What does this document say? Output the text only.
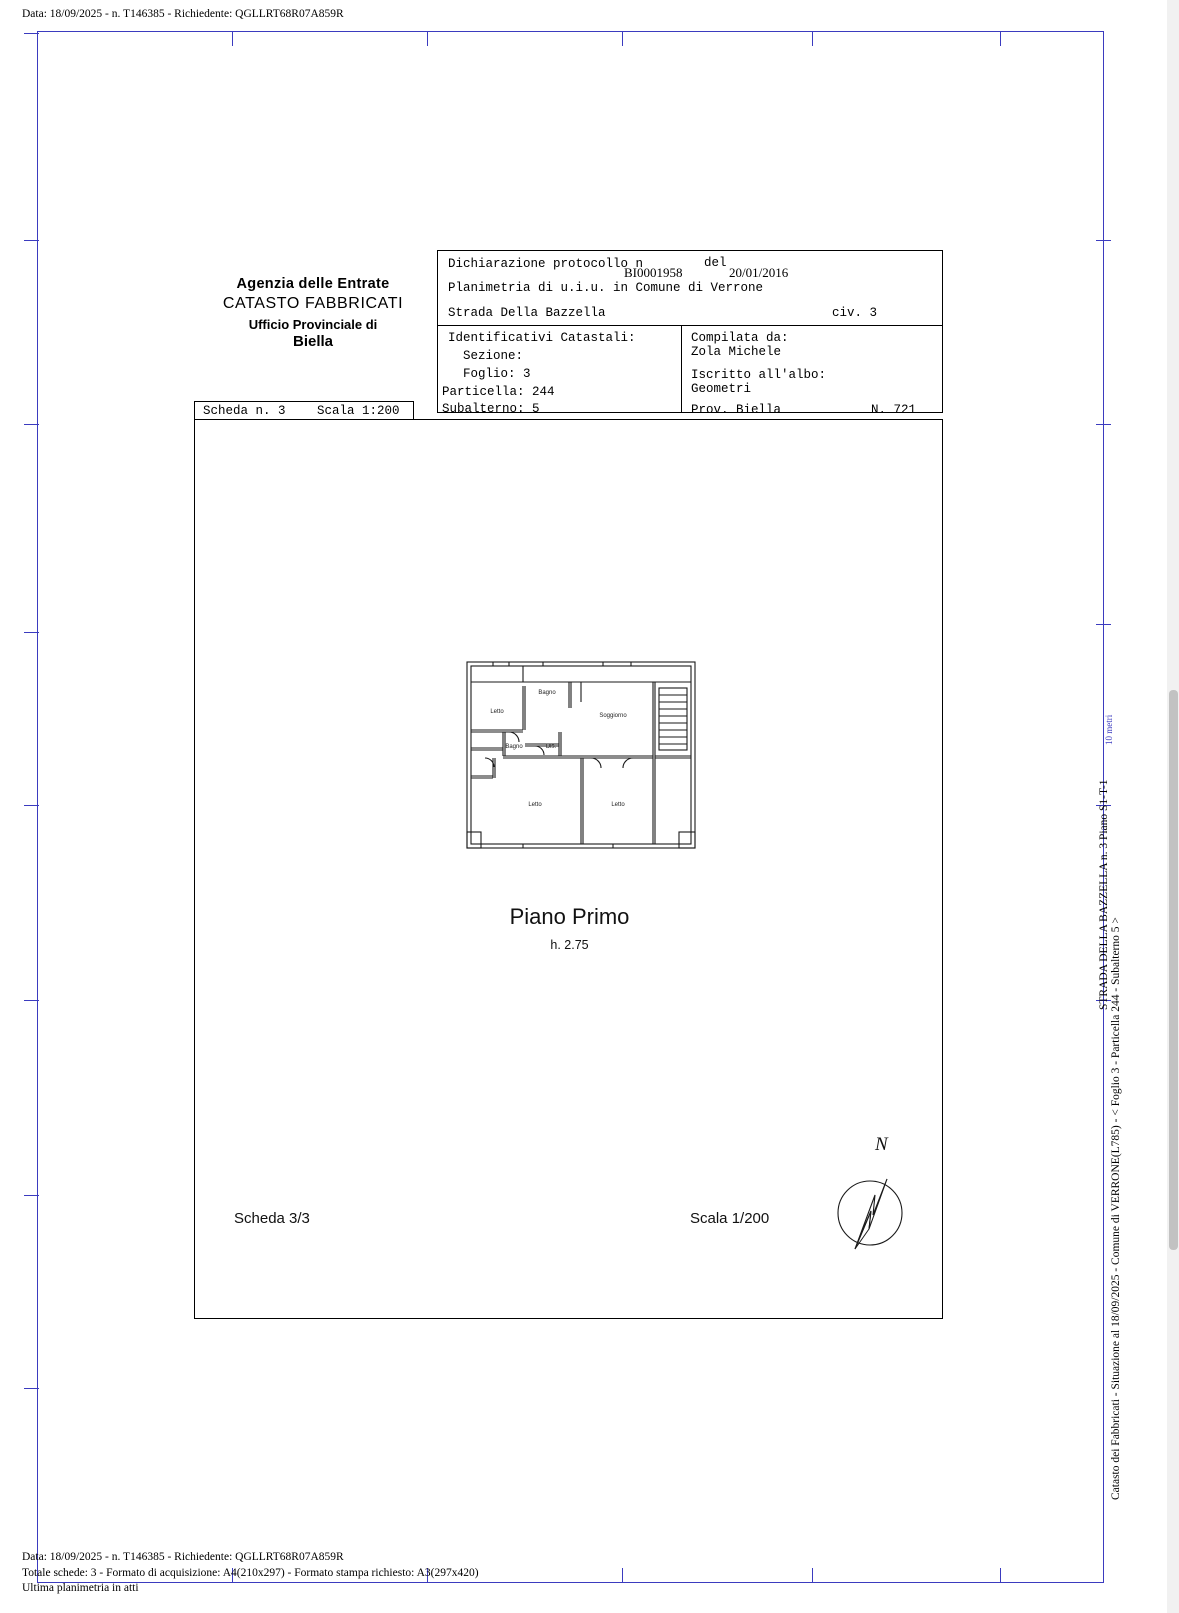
Data: 18/09/2025 - n. T146385 - Richiedente: QGLLRT68R07A859R
Agenzia delle Entrate
CATASTO FABBRICATI
Ufficio Provinciale di
Biella
Dichiarazione protocollo n
BI0001958
del
20/01/2016
Planimetria di u.i.u. in Comune di Verrone
Strada Della Bazzella	civ. 3
Identificativi Catastali:
Sezione:
Foglio: 3
Particella: 244
Subalterno: 5
Compilata da:
Zola Michele
Iscritto all'albo:
Geometri
Prov. Biella	N. 721
Scheda n. 3	Scala 1:200
Letto
Bagno
Soggiorno
Bagno	Dis.
Letto	Letto
Piano Primo
h. 2.75
Scheda 3/3	Scala 1/200
N	Catasto dei Fabbricati - Situazione al 18/09/2025 - Comune di VERRONE(L785) - < Foglio 3 - Particella 244 - Subalterno 5 >
STRADA DELLA BAZZELLA n. 3 Piano S1-T-1
10 metri
Data: 18/09/2025 - n. T146385 - Richiedente: QGLLRT68R07A859R
Totale schede: 3 - Formato di acquisizione: A4(210x297) - Formato stampa richiesto: A3(297x420)
Ultima planimetria in atti
